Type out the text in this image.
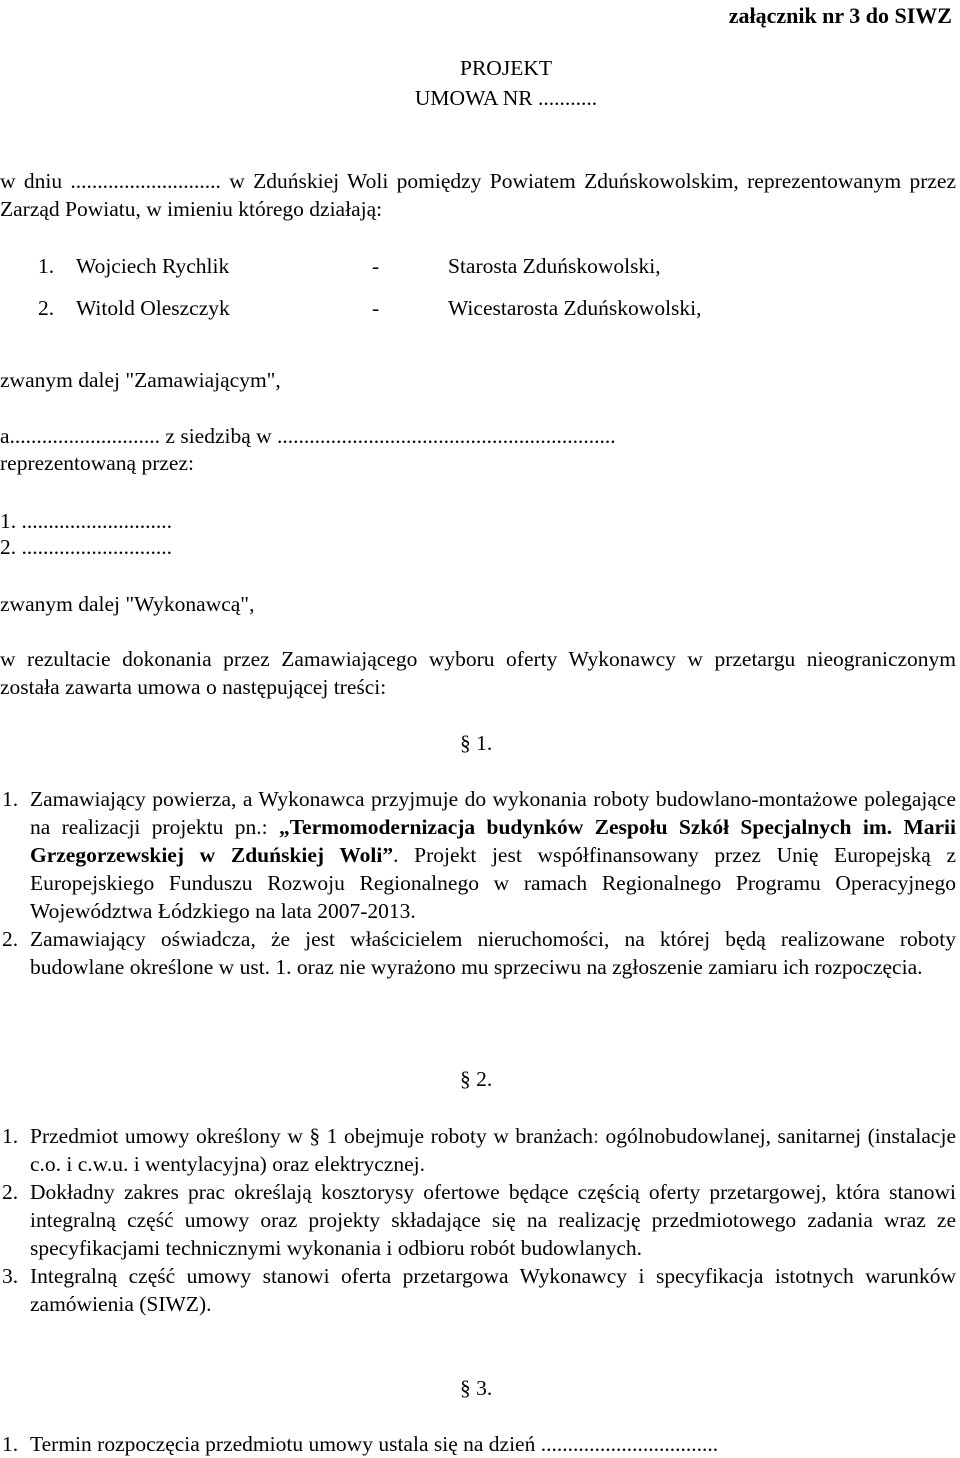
załącznik nr 3 do SIWZ
PROJEKT
UMOWA NR ...........
w dniu ............................ w Zduńskiej Woli pomiędzy Powiatem Zduńskowolskim, reprezentowanym przez Zarząd Powiatu, w imieniu którego działają:
1. Wojciech Rychlik	-	Starosta Zduńskowolski,
2. Witold Oleszczyk	-	Wicestarosta Zduńskowolski,
zwanym dalej "Zamawiającym",
a............................ z siedzibą w ...............................................................
reprezentowaną przez:
1. ............................
2. ............................
zwanym dalej "Wykonawcą",
w rezultacie dokonania przez Zamawiającego wyboru oferty Wykonawcy w przetargu nieograniczonym została zawarta umowa o następującej treści:
§ 1.
1. Zamawiający powierza, a Wykonawca przyjmuje do wykonania roboty budowlano-montażowe polegające na realizacji projektu pn.: „Termomodernizacja budynków Zespołu Szkół Specjalnych im. Marii Grzegorzewskiej w Zduńskiej Woli”. Projekt jest współfinansowany przez Unię Europejską z Europejskiego Funduszu Rozwoju Regionalnego w ramach Regionalnego Programu Operacyjnego Województwa Łódzkiego na lata 2007-2013.
2. Zamawiający oświadcza, że jest właścicielem nieruchomości, na której będą realizowane roboty budowlane określone w ust. 1. oraz nie wyrażono mu sprzeciwu na zgłoszenie zamiaru ich rozpoczęcia.
§ 2.
1. Przedmiot umowy określony w § 1 obejmuje roboty w branżach: ogólnobudowlanej, sanitarnej (instalacje c.o. i c.w.u. i wentylacyjna) oraz elektrycznej.
2. Dokładny zakres prac określają kosztorysy ofertowe będące częścią oferty przetargowej, która stanowi integralną część umowy oraz projekty składające się na realizację przedmiotowego zadania wraz ze specyfikacjami technicznymi wykonania i odbioru robót budowlanych.
3. Integralną część umowy stanowi oferta przetargowa Wykonawcy i specyfikacja istotnych warunków zamówienia (SIWZ).
§ 3.
1. Termin rozpoczęcia przedmiotu umowy ustala się na dzień .................................
